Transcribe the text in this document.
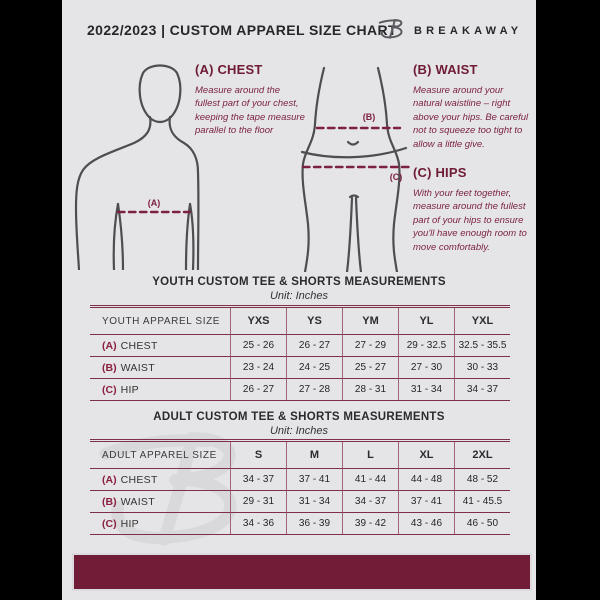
2022/2023 | CUSTOM APPAREL SIZE CHART BREAKAWAY
(A)
(A) CHEST

Measure around the fullest part of your chest, keeping the tape measure parallel to the floor

(B)
(C)
(B) WAIST

Measure around your natural waistline – right above your hips. Be careful not to squeeze too tight to allow a little give.

(C) HIPS

With your feet together, measure around the fullest part of your hips to ensure you'll have enough room to move comfortably.

YOUTH CUSTOM TEE & SHORTS MEASUREMENTS
Unit: Inches
YOUTH APPAREL SIZE	YXS	YS	YM	YL	YXL
(A) CHEST	25 - 26	26 - 27	27 - 29	29 - 32.5	32.5 - 35.5
(B) WAIST	23 - 24	24 - 25	25 - 27	27 - 30	30 - 33
(C) HIP	26 - 27	27 - 28	28 - 31	31 - 34	34 - 37
ADULT CUSTOM TEE & SHORTS MEASUREMENTS
Unit: Inches
ADULT APPAREL SIZE	S	M	L	XL	2XL
(A) CHEST	34 - 37	37 - 41	41 - 44	44 - 48	48 - 52
(B) WAIST	29 - 31	31 - 34	34 - 37	37 - 41	41 - 45.5
(C) HIP	34 - 36	36 - 39	39 - 42	43 - 46	46 - 50
